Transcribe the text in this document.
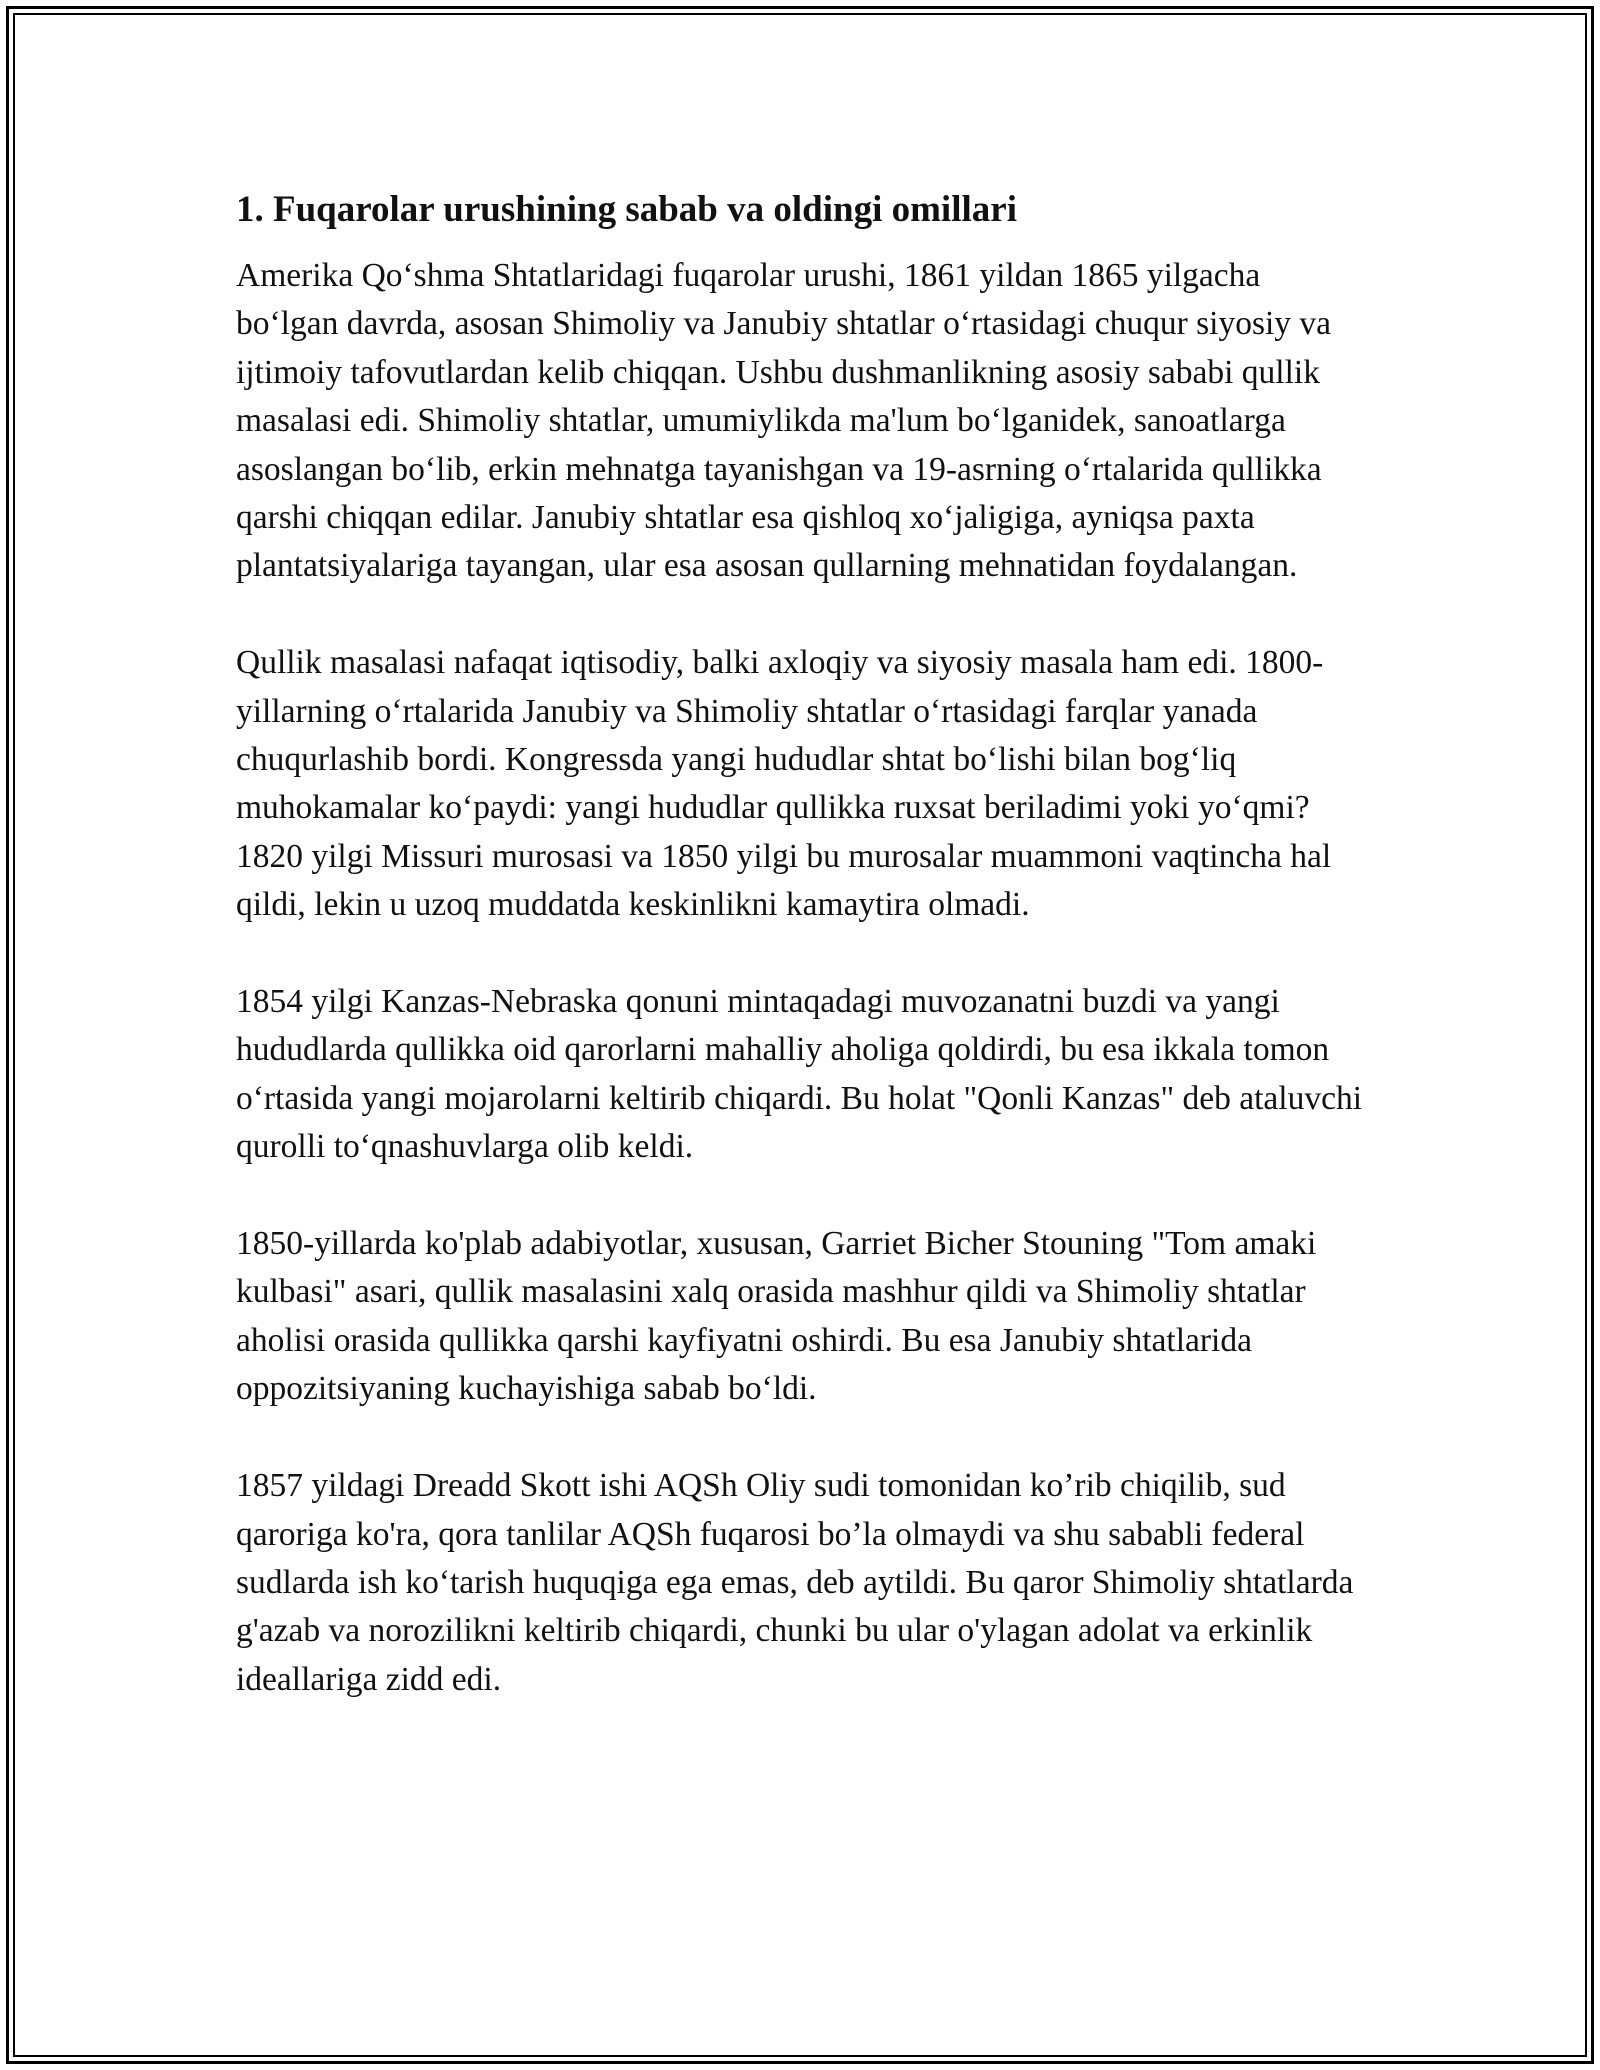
1. Fuqarolar urushining sabab va oldingi omillari

Amerika Qo‘shma Shtatlaridagi fuqarolar urushi, 1861 yildan 1865 yilgacha bo‘lgan davrda, asosan Shimoliy va Janubiy shtatlar o‘rtasidagi chuqur siyosiy va ijtimoiy tafovutlardan kelib chiqqan. Ushbu dushmanlikning asosiy sababi qullik masalasi edi. Shimoliy shtatlar, umumiylikda ma'lum bo‘lganidek, sanoatlarga asoslangan bo‘lib, erkin mehnatga tayanishgan va 19-asrning o‘rtalarida qullikka qarshi chiqqan edilar. Janubiy shtatlar esa qishloq xo‘jaligiga, ayniqsa paxta plantatsiyalariga tayangan, ular esa asosan qullarning mehnatidan foydalangan.

Qullik masalasi nafaqat iqtisodiy, balki axloqiy va siyosiy masala ham edi. 1800-yillarning o‘rtalarida Janubiy va Shimoliy shtatlar o‘rtasidagi farqlar yanada chuqurlashib bordi. Kongressda yangi hududlar shtat bo‘lishi bilan bog‘liq muhokamalar ko‘paydi: yangi hududlar qullikka ruxsat beriladimi yoki yo‘qmi? 1820 yilgi Missuri murosasi va 1850 yilgi bu murosalar muammoni vaqtincha hal qildi, lekin u uzoq muddatda keskinlikni kamaytira olmadi.

1854 yilgi Kanzas-Nebraska qonuni mintaqadagi muvozanatni buzdi va yangi hududlarda qullikka oid qarorlarni mahalliy aholiga qoldirdi, bu esa ikkala tomon o‘rtasida yangi mojarolarni keltirib chiqardi. Bu holat "Qonli Kanzas" deb ataluvchi qurolli to‘qnashuvlarga olib keldi.

1850-yillarda ko'plab adabiyotlar, xususan, Garriet Bicher Stouning "Tom amaki kulbasi" asari, qullik masalasini xalq orasida mashhur qildi va Shimoliy shtatlar aholisi orasida qullikka qarshi kayfiyatni oshirdi. Bu esa Janubiy shtatlarida oppozitsiyaning kuchayishiga sabab bo‘ldi.

1857 yildagi Dreadd Skott ishi AQSh Oliy sudi tomonidan ko’rib chiqilib, sud qaroriga ko'ra, qora tanlilar AQSh fuqarosi bo’la olmaydi va shu sababli federal sudlarda ish ko‘tarish huquqiga ega emas, deb aytildi. Bu qaror Shimoliy shtatlarda g'azab va norozilikni keltirib chiqardi, chunki bu ular o'ylagan adolat va erkinlik ideallariga zidd edi.
